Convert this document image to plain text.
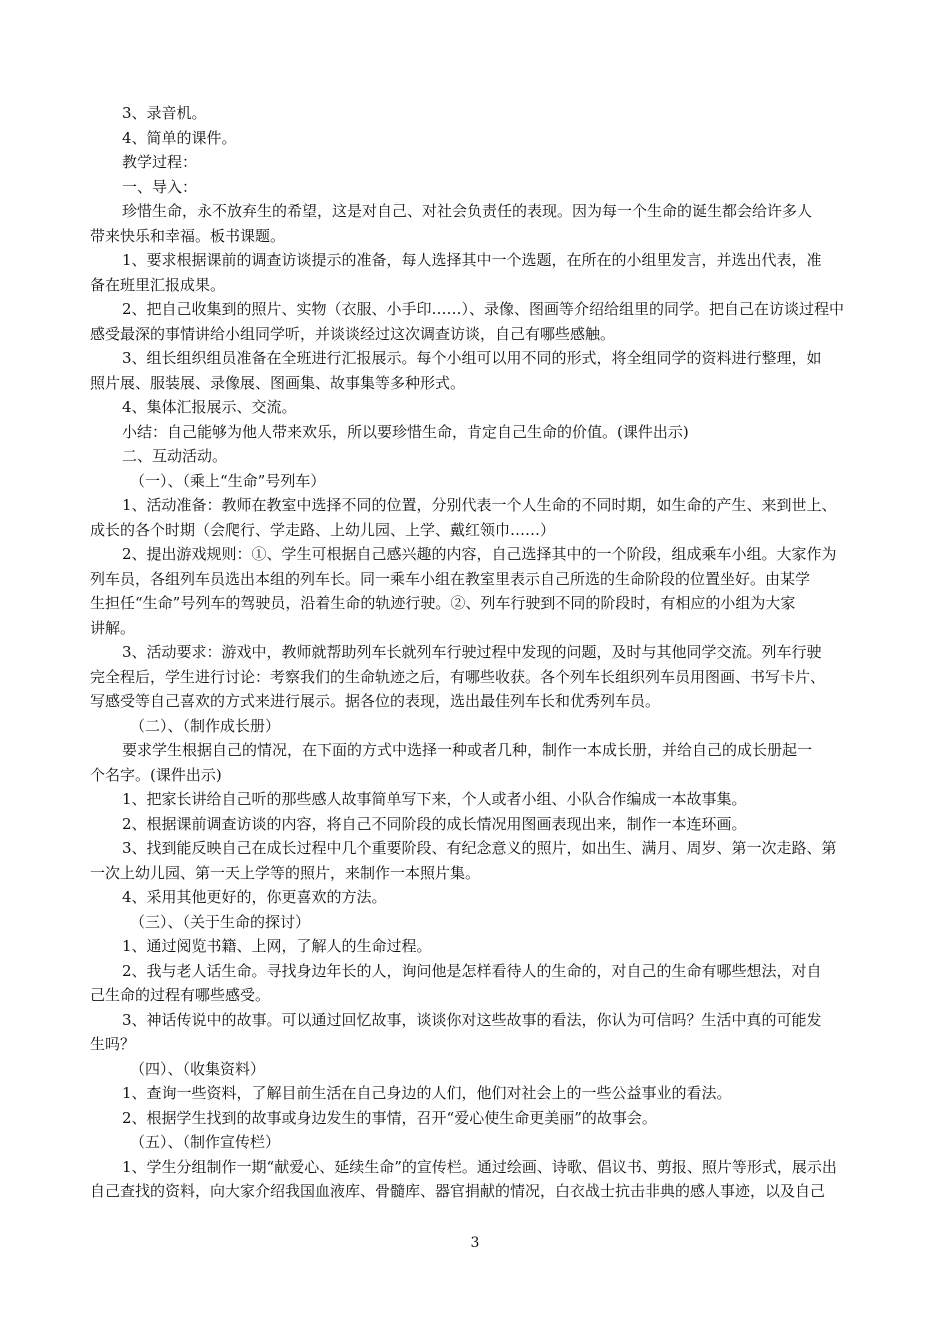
3、录音机。
4、简单的课件。
教学过程：
一、导入：
珍惜生命，永不放弃生的希望，这是对自己、对社会负责任的表现。因为每一个生命的诞生都会给许多人
带来快乐和幸福。板书课题。
1、要求根据课前的调查访谈提示的准备，每人选择其中一个选题，在所在的小组里发言，并选出代表，准
备在班里汇报成果。
2、把自己收集到的照片、实物（衣服、小手印……）、录像、图画等介绍给组里的同学。把自己在访谈过程中
感受最深的事情讲给小组同学听，并谈谈经过这次调查访谈，自己有哪些感触。
3、组长组织组员准备在全班进行汇报展示。每个小组可以用不同的形式，将全组同学的资料进行整理，如
照片展、服装展、录像展、图画集、故事集等多种形式。
4、集体汇报展示、交流。
小结：自己能够为他人带来欢乐，所以要珍惜生命，肯定自己生命的价值。(课件出示)
二、互动活动。
（一）、（乘上“生命”号列车）
1、活动准备：教师在教室中选择不同的位置，分别代表一个人生命的不同时期，如生命的产生、来到世上、
成长的各个时期（会爬行、学走路、上幼儿园、上学、戴红领巾……）
2、提出游戏规则：①、学生可根据自己感兴趣的内容，自己选择其中的一个阶段，组成乘车小组。大家作为
列车员，各组列车员选出本组的列车长。同一乘车小组在教室里表示自己所选的生命阶段的位置坐好。由某学
生担任“生命”号列车的驾驶员，沿着生命的轨迹行驶。②、列车行驶到不同的阶段时，有相应的小组为大家
讲解。
3、活动要求：游戏中，教师就帮助列车长就列车行驶过程中发现的问题，及时与其他同学交流。列车行驶
完全程后，学生进行讨论：考察我们的生命轨迹之后，有哪些收获。各个列车长组织列车员用图画、书写卡片、
写感受等自己喜欢的方式来进行展示。据各位的表现，选出最佳列车长和优秀列车员。
（二）、（制作成长册）
要求学生根据自己的情况，在下面的方式中选择一种或者几种，制作一本成长册，并给自己的成长册起一
个名字。(课件出示)
1、把家长讲给自己听的那些感人故事简单写下来，个人或者小组、小队合作编成一本故事集。
2、根据课前调查访谈的内容，将自己不同阶段的成长情况用图画表现出来，制作一本连环画。
3、找到能反映自己在成长过程中几个重要阶段、有纪念意义的照片，如出生、满月、周岁、第一次走路、第
一次上幼儿园、第一天上学等的照片，来制作一本照片集。
4、采用其他更好的，你更喜欢的方法。
（三）、（关于生命的探讨）
1、通过阅览书籍、上网，了解人的生命过程。
2、我与老人话生命。寻找身边年长的人，询问他是怎样看待人的生命的，对自己的生命有哪些想法，对自
己生命的过程有哪些感受。
3、神话传说中的故事。可以通过回忆故事，谈谈你对这些故事的看法，你认为可信吗？生活中真的可能发
生吗？
（四）、（收集资料）
1、查询一些资料，了解目前生活在自己身边的人们，他们对社会上的一些公益事业的看法。
2、根据学生找到的故事或身边发生的事情，召开“爱心使生命更美丽”的故事会。
（五）、（制作宣传栏）
1、学生分组制作一期“献爱心、延续生命”的宣传栏。通过绘画、诗歌、倡议书、剪报、照片等形式，展示出
自己查找的资料，向大家介绍我国血液库、骨髓库、器官捐献的情况，白衣战士抗击非典的感人事迹，以及自己
3
